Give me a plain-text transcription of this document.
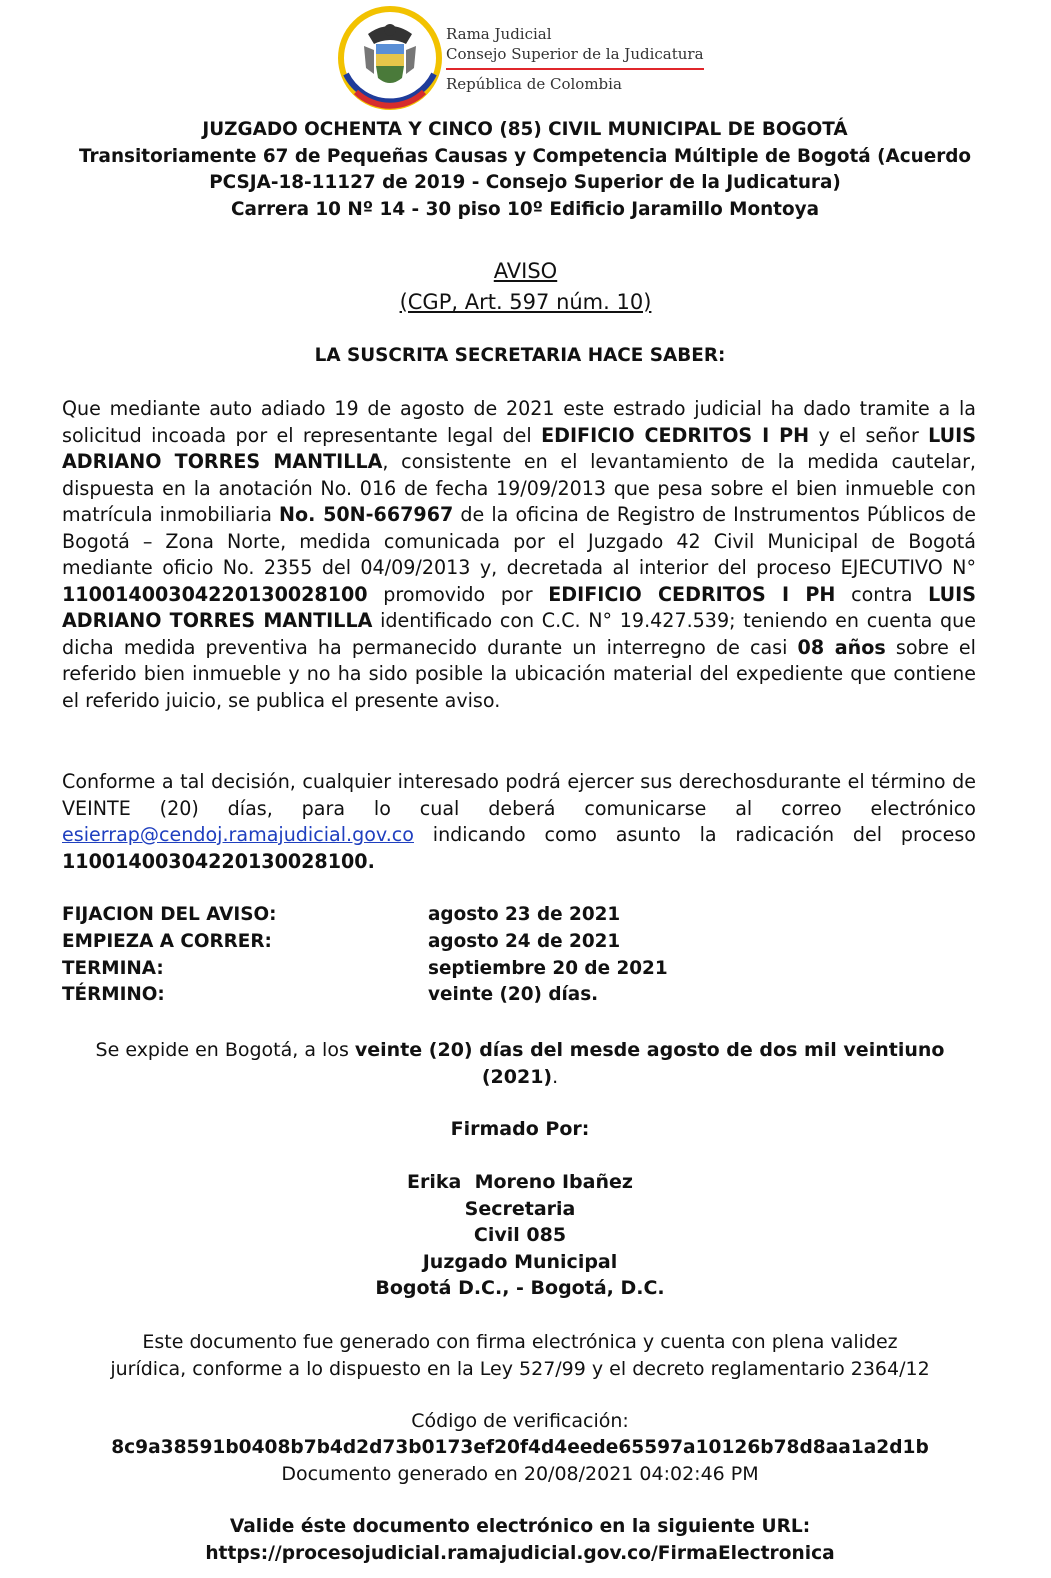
Rama Judicial
Consejo Superior de la Judicatura
República de Colombia
JUZGADO OCHENTA Y CINCO (85) CIVIL MUNICIPAL DE BOGOTÁ
Transitoriamente 67 de Pequeñas Causas y Competencia Múltiple de Bogotá (Acuerdo
PCSJA-18-11127 de 2019 - Consejo Superior de la Judicatura)
Carrera 10 Nº 14 - 30 piso 10º Edificio Jaramillo Montoya
AVISO
(CGP, Art. 597 núm. 10)
LA SUSCRITA SECRETARIA HACE SABER:
Que mediante auto adiado 19 de agosto de 2021 este estrado judicial ha dado tramite a la solicitud incoada por el representante legal del EDIFICIO CEDRITOS I PH y el señor LUIS ADRIANO TORRES MANTILLA, consistente en el levantamiento de la medida cautelar, dispuesta en la anotación No. 016 de fecha 19/09/2013 que pesa sobre el bien inmueble con matrícula inmobiliaria No. 50N-667967 de la oficina de Registro de Instrumentos Públicos de Bogotá – Zona Norte, medida comunicada por el Juzgado 42 Civil Municipal de Bogotá mediante oficio No. 2355 del 04/09/2013 y, decretada al interior del proceso EJECUTIVO N° 11001400304220130028100 promovido por EDIFICIO CEDRITOS I PH contra LUIS ADRIANO TORRES MANTILLA identificado con C.C. N° 19.427.539; teniendo en cuenta que dicha medida preventiva ha permanecido durante un interregno de casi 08 años sobre el referido bien inmueble y no ha sido posible la ubicación material del expediente que contiene el referido juicio, se publica el presente aviso.
Conforme a tal decisión, cualquier interesado podrá ejercer sus derechosdurante el término de VEINTE (20) días, para lo cual deberá comunicarse al correo electrónico esierrap@cendoj.ramajudicial.gov.co indicando como asunto la radicación del proceso 11001400304220130028100.
FIJACION DEL AVISO:	agosto 23 de 2021
EMPIEZA A CORRER:	agosto 24 de 2021
TERMINA:	septiembre 20 de 2021
TÉRMINO:	veinte (20) días.
Se expide en Bogotá, a los veinte (20) días del mesde agosto de dos mil veintiuno (2021).
Firmado Por:
Erika  Moreno Ibañez
Secretaria
Civil 085
Juzgado Municipal
Bogotá D.C., - Bogotá, D.C.
Este documento fue generado con firma electrónica y cuenta con plena validez
jurídica, conforme a lo dispuesto en la Ley 527/99 y el decreto reglamentario 2364/12
Código de verificación:
8c9a38591b0408b7b4d2d73b0173ef20f4d4eede65597a10126b78d8aa1a2d1b
Documento generado en 20/08/2021 04:02:46 PM
Valide éste documento electrónico en la siguiente URL:
https://procesojudicial.ramajudicial.gov.co/FirmaElectronica
